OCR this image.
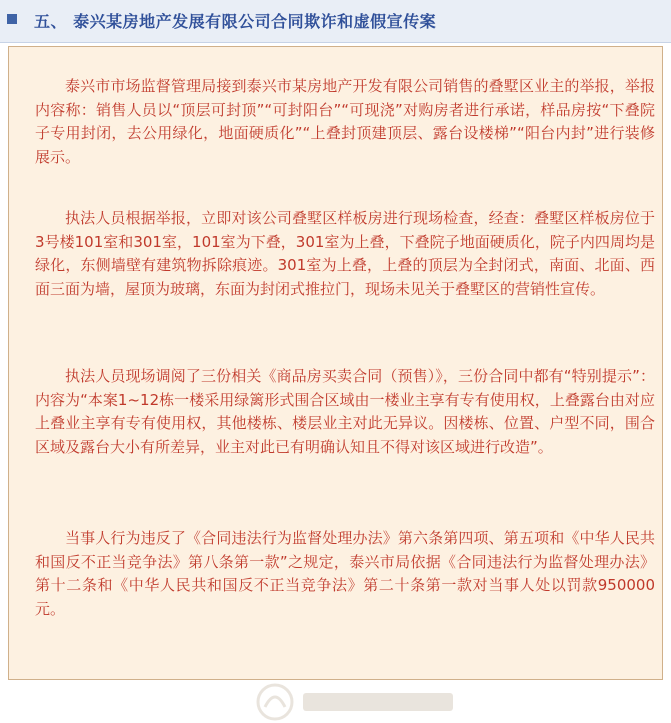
五、 泰兴某房地产发展有限公司合同欺诈和虚假宣传案

泰兴市市场监督管理局接到泰兴市某房地产开发有限公司销售的叠墅区业主的举报，举报内容称：销售人员以“顶层可封顶”“可封阳台”“可现浇”对购房者进行承诺，样品房按“下叠院子专用封闭，去公用绿化，地面硬质化”“上叠封顶建顶层、露台设楼梯”“阳台内封”进行装修展示。

执法人员根据举报，立即对该公司叠墅区样板房进行现场检查，经查：叠墅区样板房位于3号楼101室和301室，101室为下叠，301室为上叠，下叠院子地面硬质化，院子内四周均是绿化，东侧墙壁有建筑物拆除痕迹。301室为上叠，上叠的顶层为全封闭式，南面、北面、西面三面为墙，屋顶为玻璃，东面为封闭式推拉门，现场未见关于叠墅区的营销性宣传。

执法人员现场调阅了三份相关《商品房买卖合同（预售）》，三份合同中都有“特别提示”：内容为“本案1~12栋一楼采用绿篱形式围合区域由一楼业主享有专有使用权，上叠露台由对应上叠业主享有专有使用权，其他楼栋、楼层业主对此无异议。因楼栋、位置、户型不同，围合区域及露台大小有所差异，业主对此已有明确认知且不得对该区域进行改造”。

当事人行为违反了《合同违法行为监督处理办法》第六条第四项、第五项和《中华人民共和国反不正当竞争法》第八条第一款”之规定，泰兴市局依据《合同违法行为监督处理办法》第十二条和《中华人民共和国反不正当竞争法》第二十条第一款对当事人处以罚款950000元。
